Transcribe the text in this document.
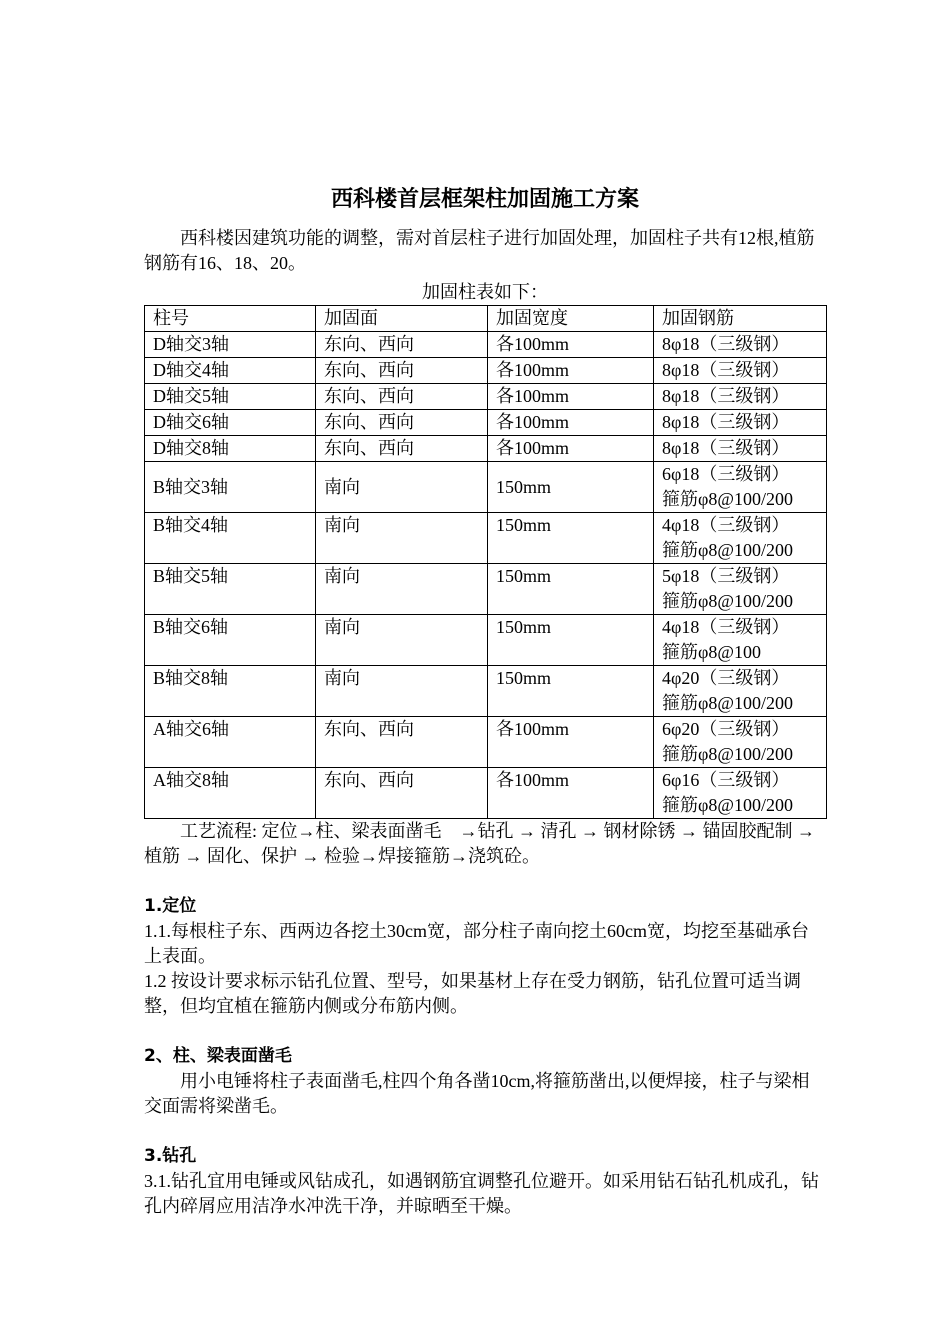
西科楼首层框架柱加固施工方案

西科楼因建筑功能的调整，需对首层柱子进行加固处理，加固柱子共有12根,植筋钢筋有16、18、20。

加固柱表如下：

柱号	加固面	加固宽度	加固钢筋
D轴交3轴	东向、西向	各100mm	8φ18（三级钢）

D轴交4轴	东向、西向	各100mm	8φ18（三级钢）

D轴交5轴	东向、西向	各100mm	8φ18（三级钢）

D轴交6轴	东向、西向	各100mm	8φ18（三级钢）

D轴交8轴	东向、西向	各100mm	8φ18（三级钢）

B轴交3轴	南向	150mm	6φ18（三级钢）
箍筋φ8@100/200

B轴交4轴	南向	150mm	4φ18（三级钢）
箍筋φ8@100/200

B轴交5轴	南向	150mm	5φ18（三级钢）
箍筋φ8@100/200

B轴交6轴	南向	150mm	4φ18（三级钢）
箍筋φ8@100

B轴交8轴	南向	150mm	4φ20（三级钢）
箍筋φ8@100/200

A轴交6轴	东向、西向	各100mm	6φ20（三级钢）
箍筋φ8@100/200

A轴交8轴	东向、西向	各100mm	6φ16（三级钢）
箍筋φ8@100/200

工艺流程: 定位→柱、梁表面凿毛　→钻孔 → 清孔 → 钢材除锈 → 锚固胶配制 → 植筋 → 固化、保护 → 检验→焊接箍筋→浇筑砼。

1.定位

1.1.每根柱子东、西两边各挖土30cm宽，部分柱子南向挖土60cm宽，均挖至基础承台上表面。

1.2 按设计要求标示钻孔位置、型号，如果基材上存在受力钢筋，钻孔位置可适当调整，但均宜植在箍筋内侧或分布筋内侧。

2、柱、梁表面凿毛

用小电锤将柱子表面凿毛,柱四个角各凿10cm,将箍筋凿出,以便焊接，柱子与梁相交面需将梁凿毛。

3.钻孔

3.1.钻孔宜用电锤或风钻成孔，如遇钢筋宜调整孔位避开。如采用钻石钻孔机成孔，钻孔内碎屑应用洁净水冲洗干净，并晾晒至干燥。
